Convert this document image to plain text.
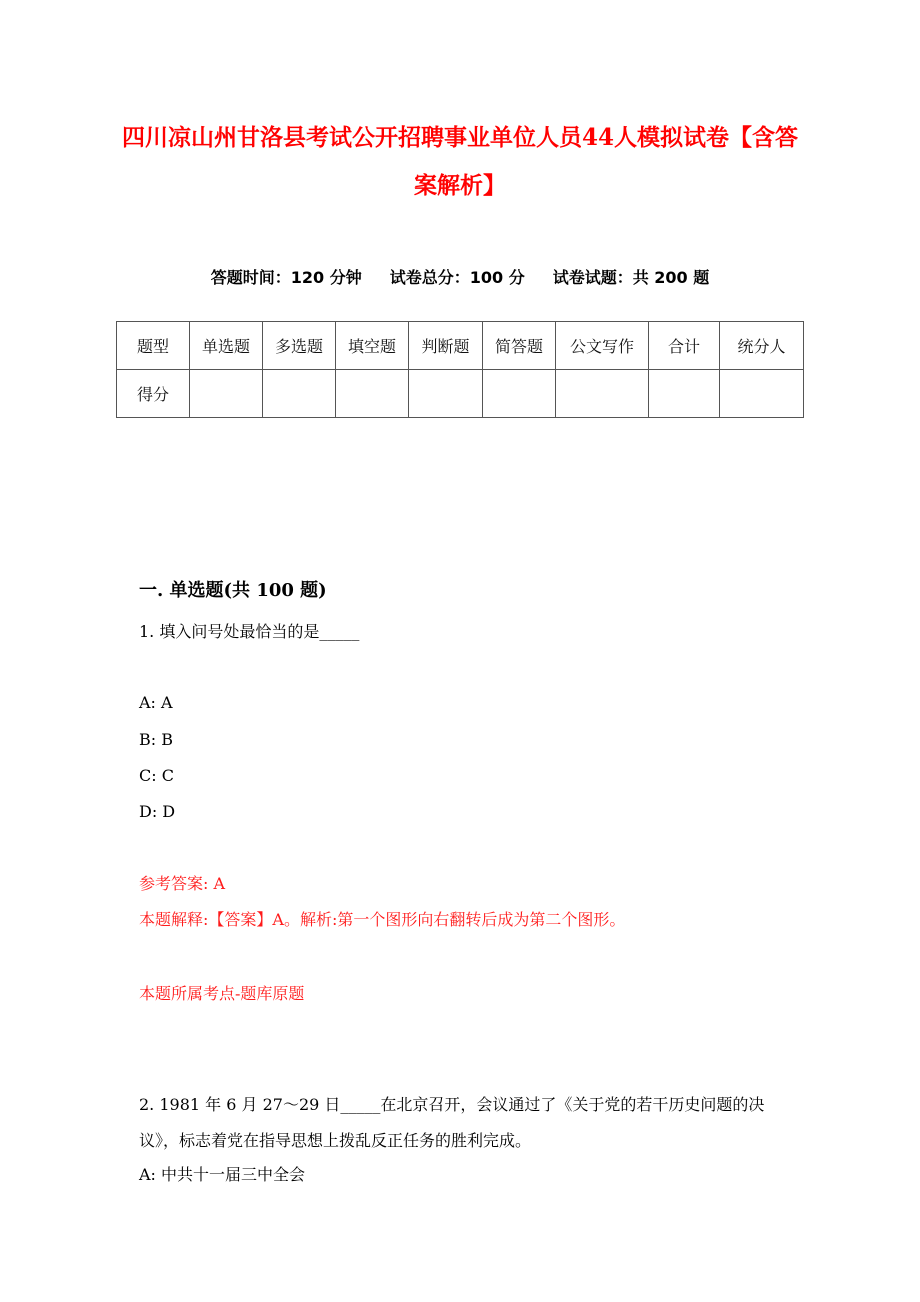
四川凉山州甘洛县考试公开招聘事业单位人员44人模拟试卷【含答案解析】
答题时间：120 分钟 试卷总分：100 分 试卷试题：共 200 题
题型	单选题	多选题	填空题	判断题	简答题	公文写作	合计	统分人
得分								
一. 单选题(共 100 题)
1. 填入问号处最恰当的是_____
A: A
B: B
C: C
D: D
参考答案: A
本题解释:【答案】A。解析:第一个图形向右翻转后成为第二个图形。
本题所属考点-题库原题
2. 1981 年 6 月 27～29 日_____在北京召开，会议通过了《关于党的若干历史问题的决议》，标志着党在指导思想上拨乱反正任务的胜利完成。
A: 中共十一届三中全会
